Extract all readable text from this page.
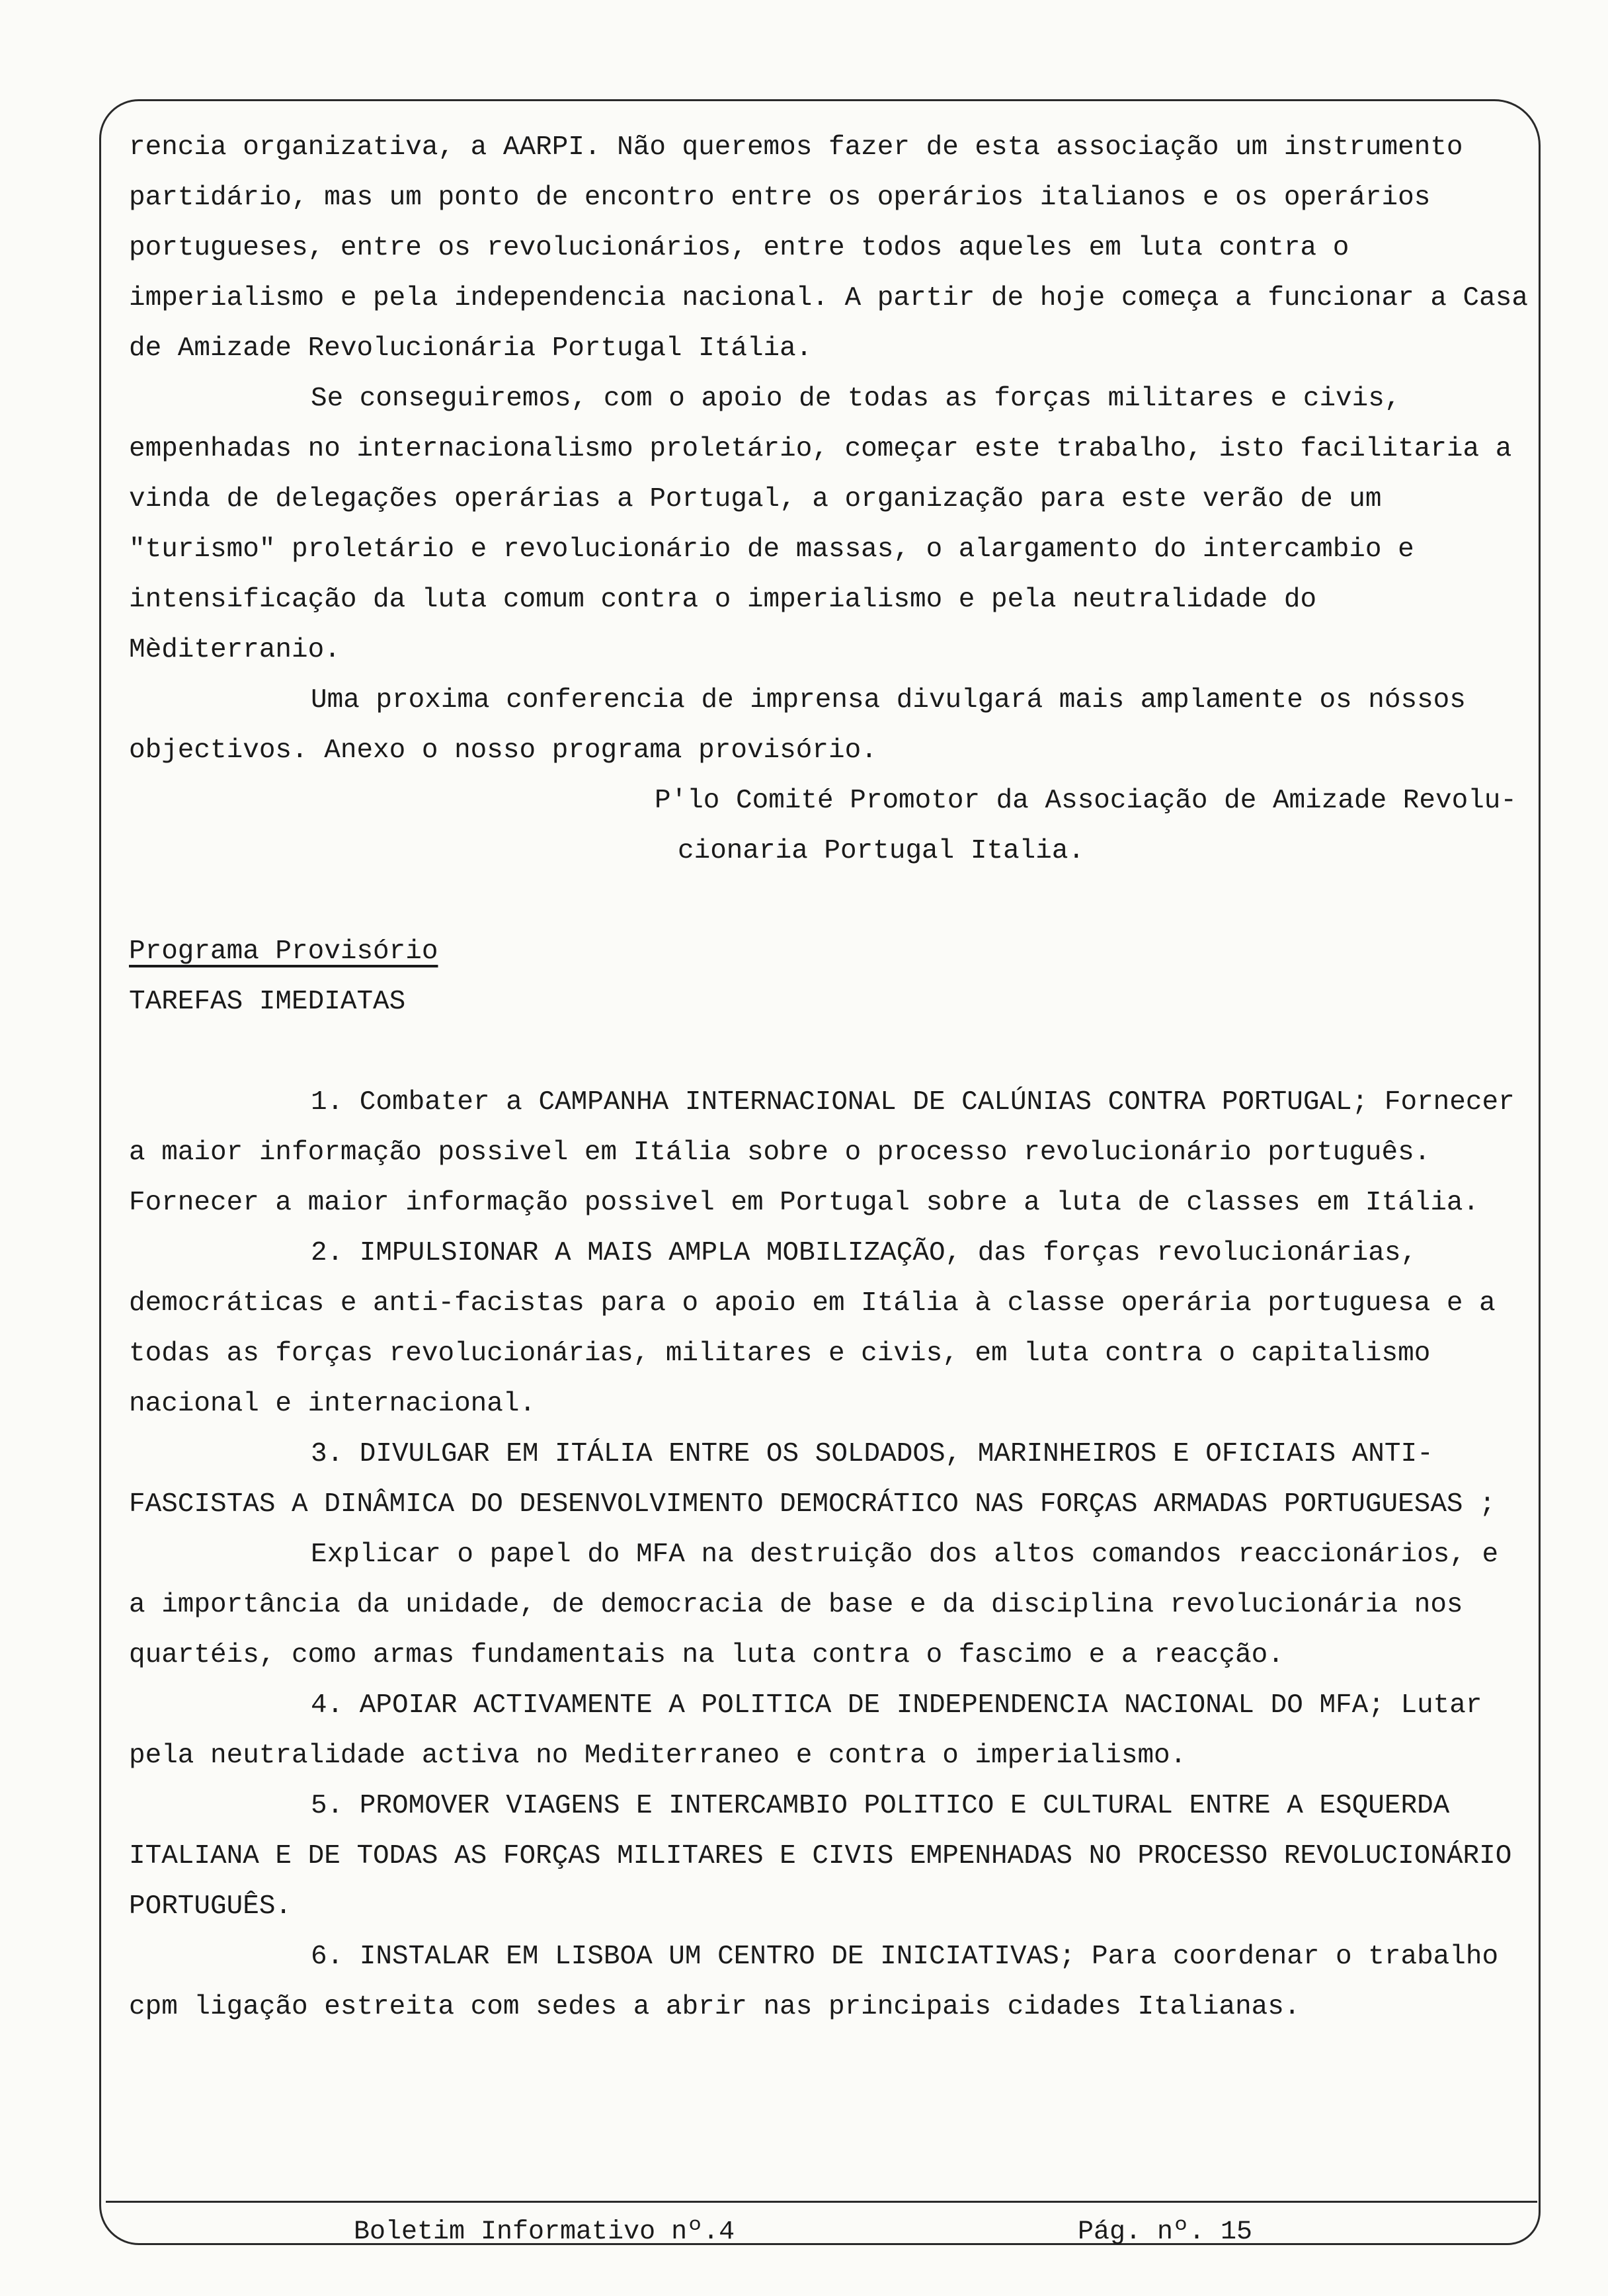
rencia organizativa, a AARPI. Não queremos fazer de esta associação um instrumento partidário, mas um ponto de encontro entre os operários italianos e os operários portugueses, entre os revolucionários, entre todos aqueles em luta contra o imperialismo e pela independencia nacional. A partir de hoje começa a funcionar a Casa de Amizade Revolucionária Portugal Itália.

Se conseguiremos, com o apoio de todas as forças militares e civis, empenhadas no internacionalismo proletário, começar este trabalho, isto facilitaria a vinda de delegações operárias a Portugal, a organização para este verão de um "turismo" proletário e revolucionário de massas, o alargamento do intercambio e intensificação da luta comum contra o imperialismo e pela neutralidade do Mèditerranio.

Uma proxima conferencia de imprensa divulgará mais amplamente os nóssos objectivos. Anexo o nosso programa provisório.

P'lo Comité Promotor da Associação de Amizade Revolu-

cionaria Portugal Italia.

Programa Provisório

TAREFAS IMEDIATAS

1. Combater a CAMPANHA INTERNACIONAL DE CALÚNIAS CONTRA PORTUGAL; Fornecer a maior informação possivel em Itália sobre o processo revolucionário português. Fornecer a maior informação possivel em Portugal sobre a luta de classes em Itália.

2. IMPULSIONAR A MAIS AMPLA MOBILIZAÇÃO, das forças revolucionárias, democráticas e anti-facistas para o apoio em Itália à classe operária portuguesa e a todas as forças revolucionárias, militares e civis, em luta contra o capitalismo nacional e internacional.

3. DIVULGAR EM ITÁLIA ENTRE OS SOLDADOS, MARINHEIROS E OFICIAIS ANTI-FASCISTAS A DINÂMICA DO DESENVOLVIMENTO DEMOCRÁTICO NAS FORÇAS ARMADAS PORTUGUESAS ;

Explicar o papel do MFA na destruição dos altos comandos reaccionários, e a importância da unidade, de democracia de base e da disciplina revolucionária nos quartéis, como armas fundamentais na luta contra o fascimo e a reacção.

4. APOIAR ACTIVAMENTE A POLITICA DE INDEPENDENCIA NACIONAL DO MFA; Lutar pela neutralidade activa no Mediterraneo e contra o imperialismo.

5. PROMOVER VIAGENS E INTERCAMBIO POLITICO E CULTURAL ENTRE A ESQUERDA ITALIANA E DE TODAS AS FORÇAS MILITARES E CIVIS EMPENHADAS NO PROCESSO REVOLUCIONÁRIO PORTUGUÊS.

6. INSTALAR EM LISBOA UM CENTRO DE INICIATIVAS; Para coordenar o trabalho cpm ligação estreita com sedes a abrir nas principais cidades Italianas.

Boletim Informativo nº.4	Pág. nº. 15
